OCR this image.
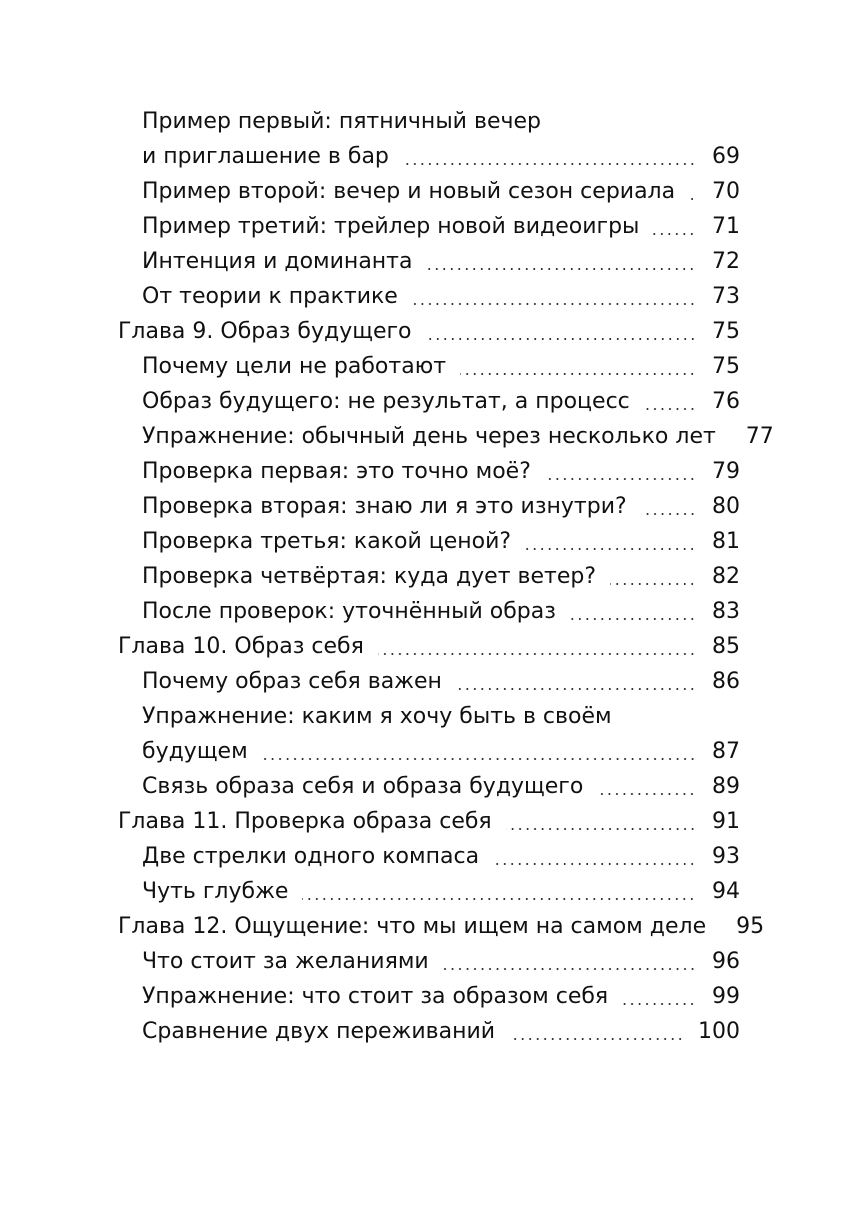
Пример первый: пятничный вечер
и приглашение в бар	69
Пример второй: вечер и новый сезон сериала 70
Пример третий: трейлер новой видеоигры	71
Интенция и доминанта	72
От теории к практике	73
Глава 9. Образ будущего	75
Почему цели не работают	75
Образ будущего: не результат, а процесс	76
Упражнение: обычный день через несколько лет 77
Проверка первая: это точно моё?	79
Проверка вторая: знаю ли я это изнутри?	80
Проверка третья: какой ценой?	81
Проверка четвёртая: куда дует ветер?	82
После проверок: уточнённый образ	83
Глава 10. Образ себя	85
Почему образ себя важен	86
Упражнение: каким я хочу быть в своём
будущем	87
Связь образа себя и образа будущего	89
Глава 11. Проверка образа себя	91
Две стрелки одного компаса	93
Чуть глубже	94
Глава 12. Ощущение: что мы ищем на самом деле 95
Что стоит за желаниями	96
Упражнение: что стоит за образом себя	99
Сравнение двух переживаний	100
